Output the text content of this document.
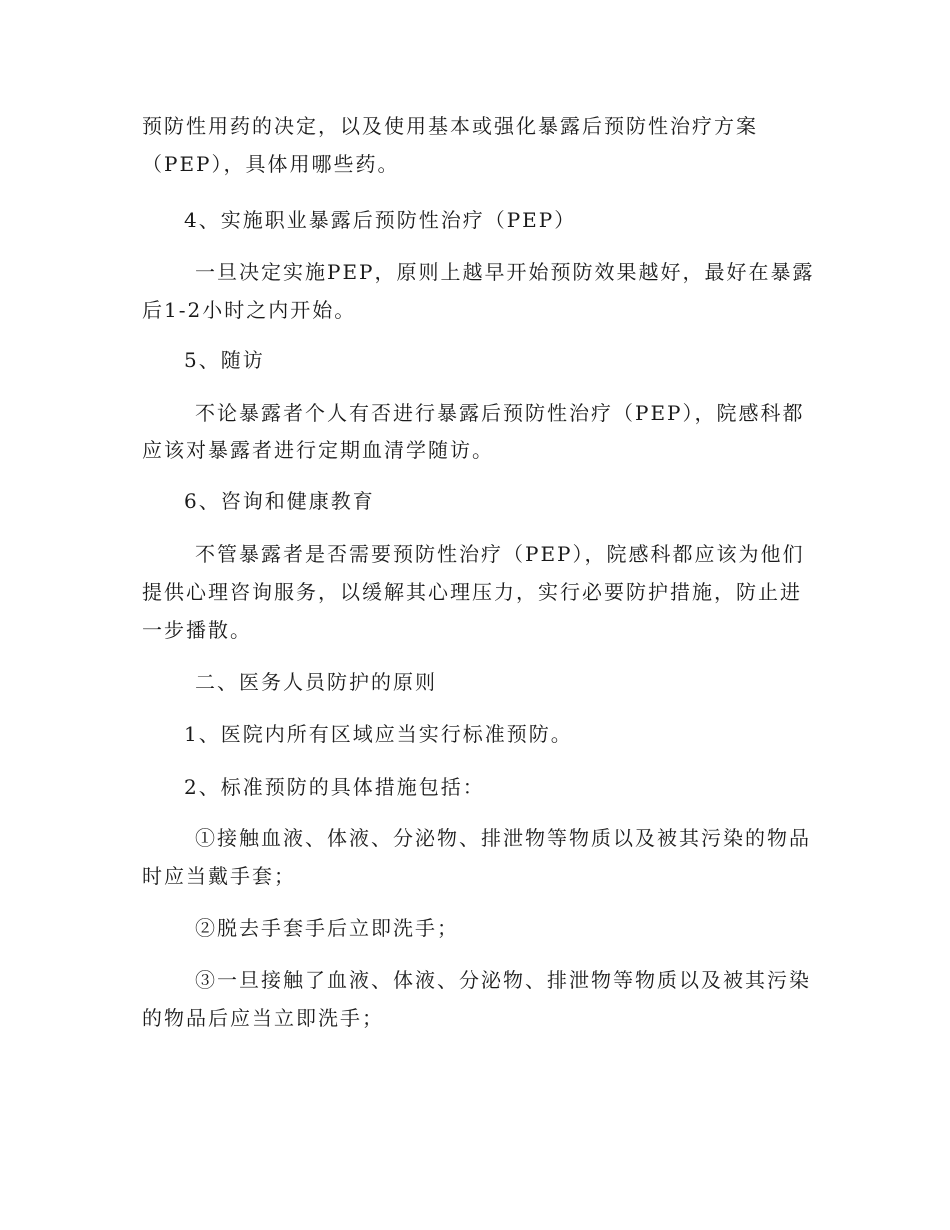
预防性用药的决定，以及使用基本或强化暴露后预防性治疗方案
（PEP），具体用哪些药。
4、实施职业暴露后预防性治疗（PEP）
一旦决定实施PEP，原则上越早开始预防效果越好，最好在暴露
后1-2小时之内开始。
5、随访
不论暴露者个人有否进行暴露后预防性治疗（PEP），院感科都
应该对暴露者进行定期血清学随访。
6、咨询和健康教育
不管暴露者是否需要预防性治疗（PEP），院感科都应该为他们
提供心理咨询服务，以缓解其心理压力，实行必要防护措施，防止进
一步播散。
二、医务人员防护的原则
1、医院内所有区域应当实行标准预防。
2、标准预防的具体措施包括：
①接触血液、体液、分泌物、排泄物等物质以及被其污染的物品
时应当戴手套；
②脱去手套手后立即洗手；
③一旦接触了血液、体液、分泌物、排泄物等物质以及被其污染
的物品后应当立即洗手；
